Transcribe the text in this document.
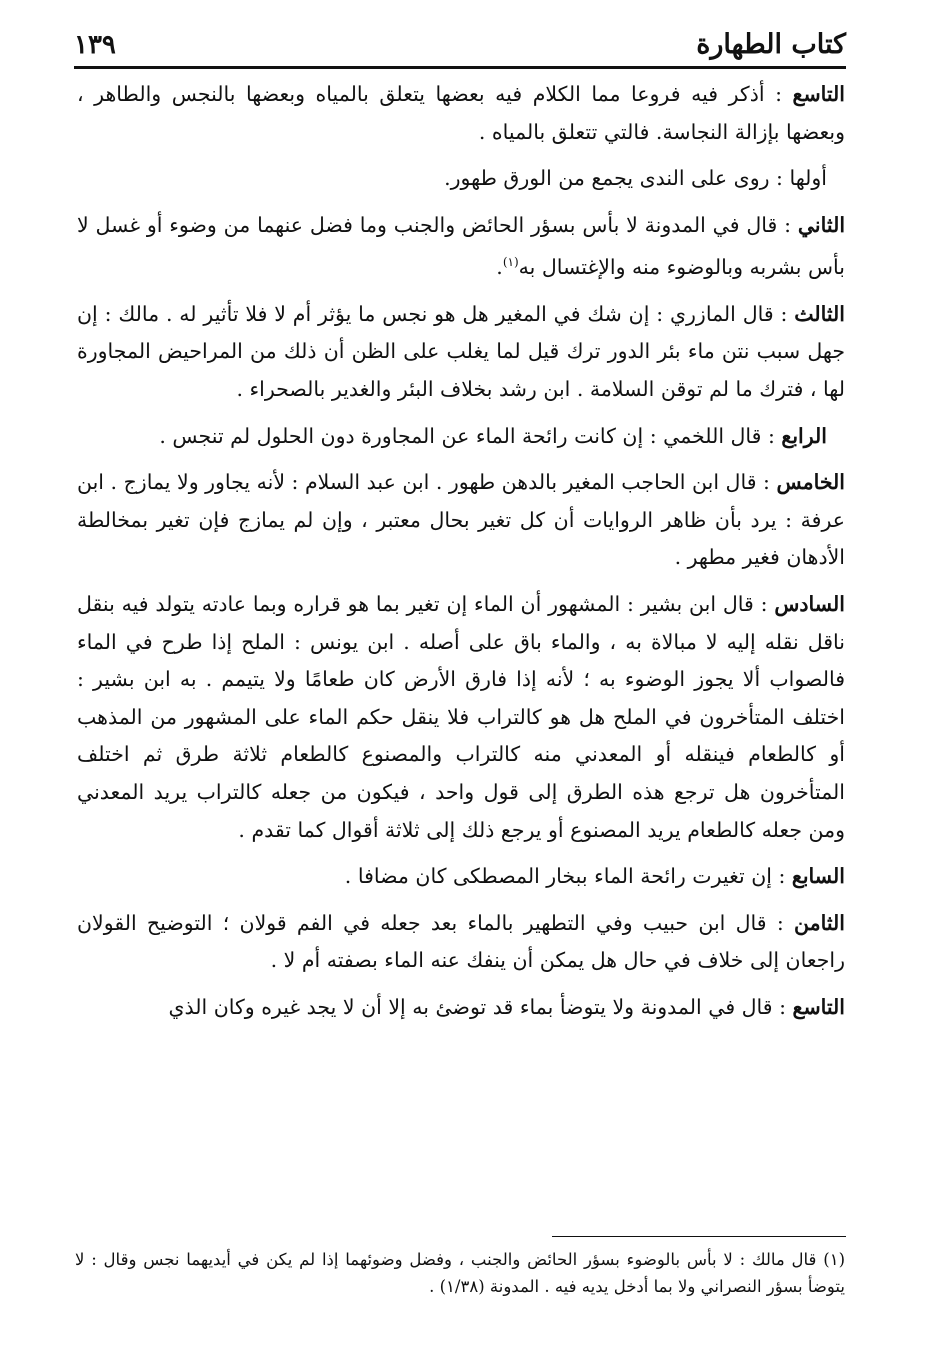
كتاب الطهارة
١٣٩

التاسع : أذكر فيه فروعا مما الكلام فيه بعضها يتعلق بالمياه وبعضها بالنجس والطاهر ، وبعضها بإزالة النجاسة. فالتي تتعلق بالمياه .

أولها : روى على الندى يجمع من الورق طهور.

الثاني : قال في المدونة لا بأس بسؤر الحائض والجنب وما فضل عنهما من وضوء أو غسل لا بأس بشربه وبالوضوء منه والإغتسال به$^{(١)}$.

الثالث : قال المازري : إن شك في المغير هل هو نجس ما يؤثر أم لا فلا تأثير له . مالك : إن جهل سبب نتن ماء بئر الدور ترك قيل لما يغلب على الظن أن ذلك من المراحيض المجاورة لها ، فترك ما لم توقن السلامة . ابن رشد بخلاف البئر والغدير بالصحراء .

الرابع : قال اللخمي : إن كانت رائحة الماء عن المجاورة دون الحلول لم تنجس .

الخامس : قال ابن الحاجب المغير بالدهن طهور . ابن عبد السلام : لأنه يجاور ولا يمازج . ابن عرفة : يرد بأن ظاهر الروايات أن كل تغير بحال معتبر ، وإن لم يمازج فإن تغير بمخالطة الأدهان فغير مطهر .

السادس : قال ابن بشير : المشهور أن الماء إن تغير بما هو قراره وبما عادته يتولد فيه بنقل ناقل نقله إليه لا مبالاة به ، والماء باق على أصله . ابن يونس : الملح إذا طرح في الماء فالصواب ألا يجوز الوضوء به ؛ لأنه إذا فارق الأرض كان طعامًا ولا يتيمم . به ابن بشير : اختلف المتأخرون في الملح هل هو كالتراب فلا ينقل حكم الماء على المشهور من المذهب أو كالطعام فينقله أو المعدني منه كالتراب والمصنوع كالطعام ثلاثة طرق ثم اختلف المتأخرون هل ترجع هذه الطرق إلى قول واحد ، فيكون من جعله كالتراب يريد المعدني ومن جعله كالطعام يريد المصنوع أو يرجع ذلك إلى ثلاثة أقوال كما تقدم .

السابع : إن تغيرت رائحة الماء ببخار المصطكى كان مضافا .

الثامن : قال ابن حبيب وفي التطهير بالماء بعد جعله في الفم قولان ؛ التوضيح القولان راجعان إلى خلاف في حال هل يمكن أن ينفك عنه الماء بصفته أم لا .

التاسع : قال في المدونة ولا يتوضأ بماء قد توضئ به إلا أن لا يجد غيره وكان الذي

(١) قال مالك : لا بأس بالوضوء بسؤر الحائض والجنب ، وفضل وضوئهما إذا لم يكن في أيديهما نجس وقال : لا يتوضأ بسؤر النصراني ولا بما أدخل يديه فيه . المدونة (١/٣٨) .
